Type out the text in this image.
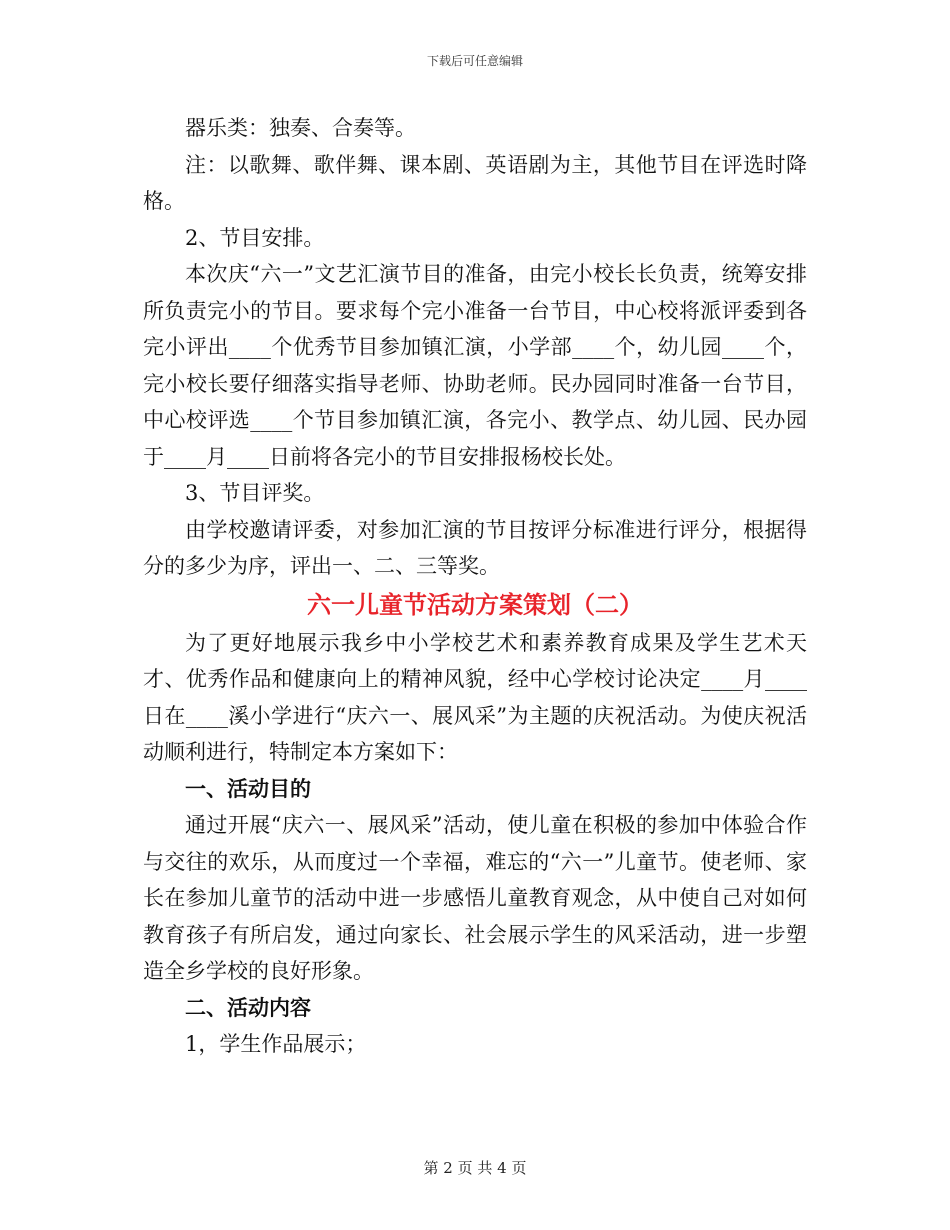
下载后可任意编辑

器乐类：独奏、合奏等。

注：以歌舞、歌伴舞、课本剧、英语剧为主，其他节目在评选时降格。

2、节目安排。

本次庆“六一”文艺汇演节目的准备，由完小校长长负责，统筹安排所负责完小的节目。要求每个完小准备一台节目，中心校将派评委到各完小评出____个优秀节目参加镇汇演，小学部____个，幼儿园____个，完小校长要仔细落实指导老师、协助老师。民办园同时准备一台节目，中心校评选____个节目参加镇汇演，各完小、教学点、幼儿园、民办园于____月____日前将各完小的节目安排报杨校长处。

3、节目评奖。

由学校邀请评委，对参加汇演的节目按评分标准进行评分，根据得分的多少为序，评出一、二、三等奖。

六一儿童节活动方案策划（二）

为了更好地展示我乡中小学校艺术和素养教育成果及学生艺术天才、优秀作品和健康向上的精神风貌，经中心学校讨论决定____月____日在____溪小学进行“庆六一、展风采”为主题的庆祝活动。为使庆祝活动顺利进行，特制定本方案如下：

一、活动目的

通过开展“庆六一、展风采”活动，使儿童在积极的参加中体验合作与交往的欢乐，从而度过一个幸福，难忘的“六一”儿童节。使老师、家长在参加儿童节的活动中进一步感悟儿童教育观念，从中使自己对如何教育孩子有所启发，通过向家长、社会展示学生的风采活动，进一步塑造全乡学校的良好形象。

二、活动内容

1，学生作品展示；

第 2 页 共 4 页
